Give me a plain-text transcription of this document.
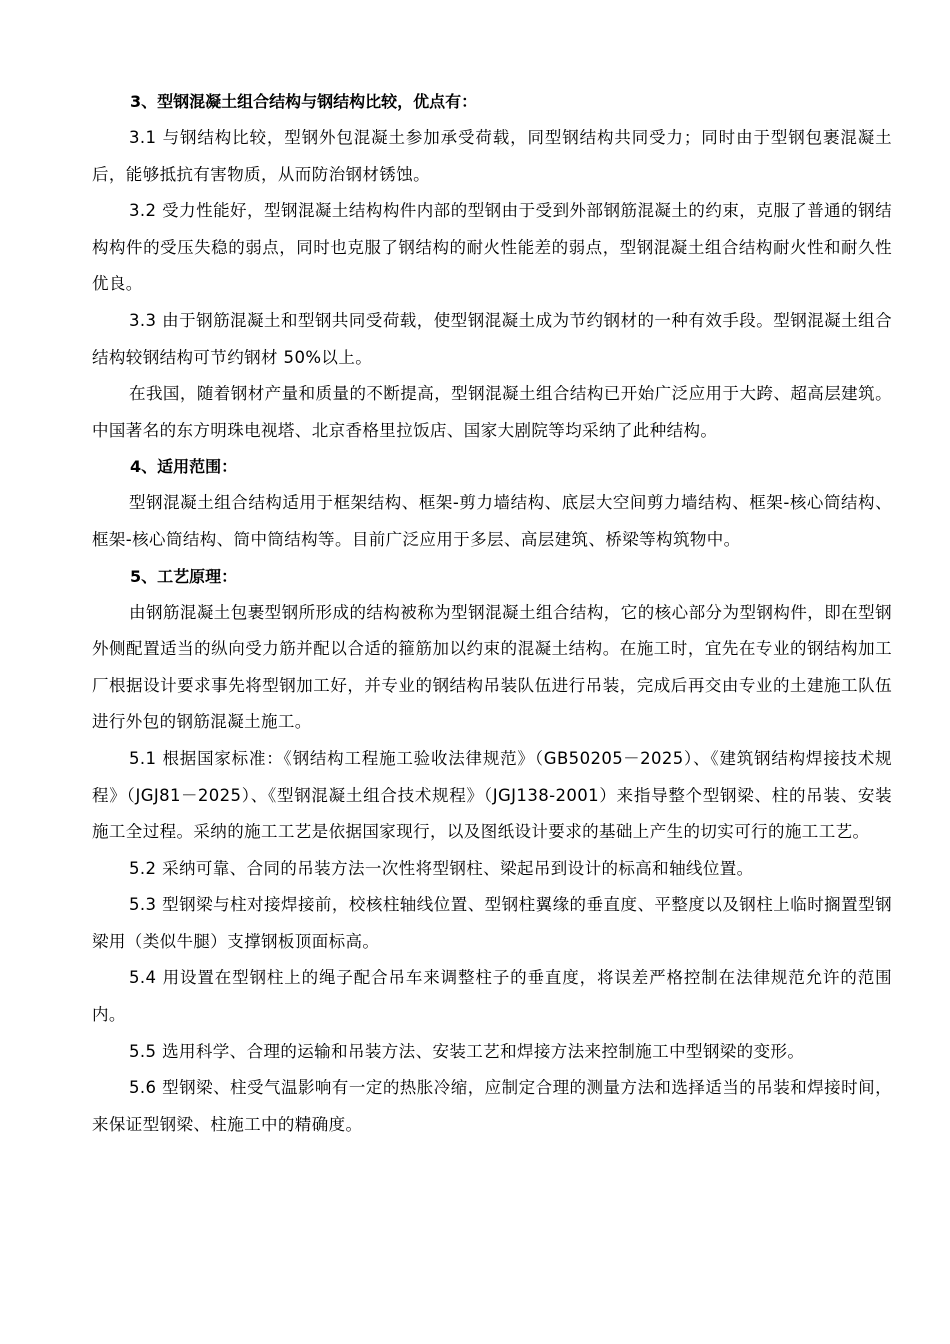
3、型钢混凝土组合结构与钢结构比较，优点有：

3.1 与钢结构比较，型钢外包混凝土参加承受荷载，同型钢结构共同受力；同时由于型钢包裹混凝土后，能够抵抗有害物质，从而防治钢材锈蚀。

3.2 受力性能好，型钢混凝土结构构件内部的型钢由于受到外部钢筋混凝土的约束，克服了普通的钢结构构件的受压失稳的弱点，同时也克服了钢结构的耐火性能差的弱点，型钢混凝土组合结构耐火性和耐久性优良。

3.3 由于钢筋混凝土和型钢共同受荷载，使型钢混凝土成为节约钢材的一种有效手段。型钢混凝土组合结构较钢结构可节约钢材 50%以上。

在我国，随着钢材产量和质量的不断提高，型钢混凝土组合结构已开始广泛应用于大跨、超高层建筑。中国著名的东方明珠电视塔、北京香格里拉饭店、国家大剧院等均采纳了此种结构。

4、适用范围：

型钢混凝土组合结构适用于框架结构、框架-剪力墙结构、底层大空间剪力墙结构、框架-核心筒结构、框架-核心筒结构、筒中筒结构等。目前广泛应用于多层、高层建筑、桥梁等构筑物中。

5、工艺原理：

由钢筋混凝土包裹型钢所形成的结构被称为型钢混凝土组合结构，它的核心部分为型钢构件，即在型钢外侧配置适当的纵向受力筋并配以合适的箍筋加以约束的混凝土结构。在施工时，宜先在专业的钢结构加工厂根据设计要求事先将型钢加工好，并专业的钢结构吊装队伍进行吊装，完成后再交由专业的土建施工队伍进行外包的钢筋混凝土施工。

5.1 根据国家标准：《钢结构工程施工验收法律规范》（GB50205－2025）、《建筑钢结构焊接技术规程》（JGJ81－2025）、《型钢混凝土组合技术规程》（JGJ138-2001）来指导整个型钢梁、柱的吊装、安装施工全过程。采纳的施工工艺是依据国家现行，以及图纸设计要求的基础上产生的切实可行的施工工艺。

5.2 采纳可靠、合同的吊装方法一次性将型钢柱、梁起吊到设计的标高和轴线位置。

5.3 型钢梁与柱对接焊接前，校核柱轴线位置、型钢柱翼缘的垂直度、平整度以及钢柱上临时搁置型钢梁用（类似牛腿）支撑钢板顶面标高。

5.4 用设置在型钢柱上的绳子配合吊车来调整柱子的垂直度，将误差严格控制在法律规范允许的范围内。

5.5 选用科学、合理的运输和吊装方法、安装工艺和焊接方法来控制施工中型钢梁的变形。

5.6 型钢梁、柱受气温影响有一定的热胀冷缩，应制定合理的测量方法和选择适当的吊装和焊接时间，来保证型钢梁、柱施工中的精确度。
